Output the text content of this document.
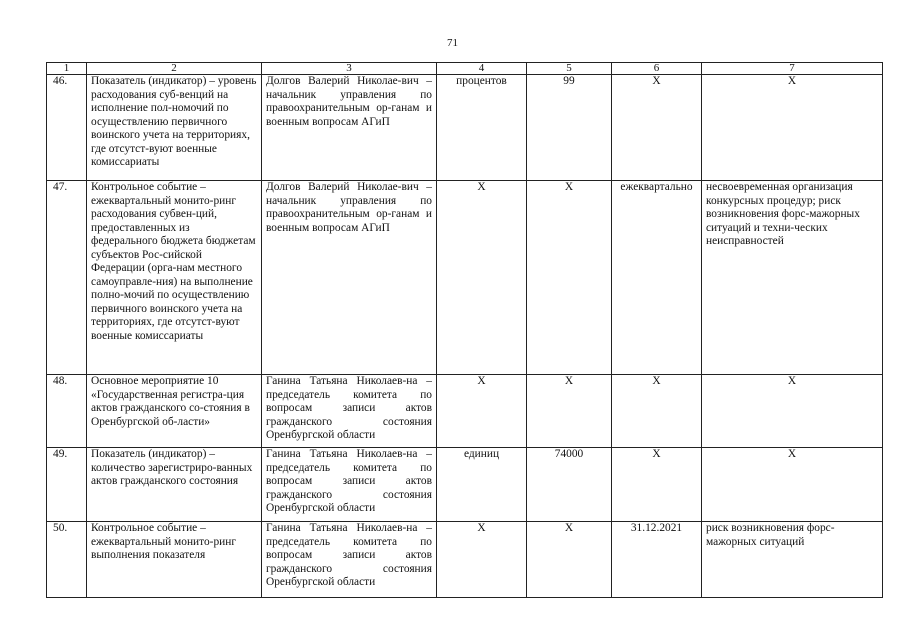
71
1	2	3	4	5	6	7
46.	Показатель (индикатор) – уровень расходования суб-венций на исполнение пол-номочий по осуществлению первичного воинского учета на территориях, где отсутст-вуют военные комиссариаты	Долгов Валерий Николае-вич – начальник управления по правоохранительным ор-ганам и военным вопросам АГиП	процентов	99	Х	Х
47.	Контрольное событие – ежеквартальный монито-ринг расходования субвен-ций, предоставленных из федерального бюджета бюджетам субъектов Рос-сийской Федерации (орга-нам местного самоуправле-ния) на выполнение полно-мочий по осуществлению первичного воинского учета на территориях, где отсутст-вуют военные комиссариаты	Долгов Валерий Николае-вич – начальник управления по правоохранительным ор-ганам и военным вопросам АГиП	Х	Х	ежеквартально	несвоевременная организация конкурсных процедур; риск возникновения форс-мажорных ситуаций и техни-ческих неисправностей
48.	Основное мероприятие 10 «Государственная регистра-ция актов гражданского со-стояния в Оренбургской об-ласти»	Ганина Татьяна Николаев-на – председатель комитета по вопросам записи актов гражданского состояния Оренбургской области	Х	Х	Х	Х
49.	Показатель (индикатор) – количество зарегистриро-ванных актов гражданского состояния	Ганина Татьяна Николаев-на – председатель комитета по вопросам записи актов гражданского состояния Оренбургской области	единиц	74000	Х	Х
50.	Контрольное событие – ежеквартальный монито-ринг выполнения показателя	Ганина Татьяна Николаев-на – председатель комитета по вопросам записи актов гражданского состояния Оренбургской области	Х	Х	31.12.2021	риск возникновения форс-мажорных ситуаций
